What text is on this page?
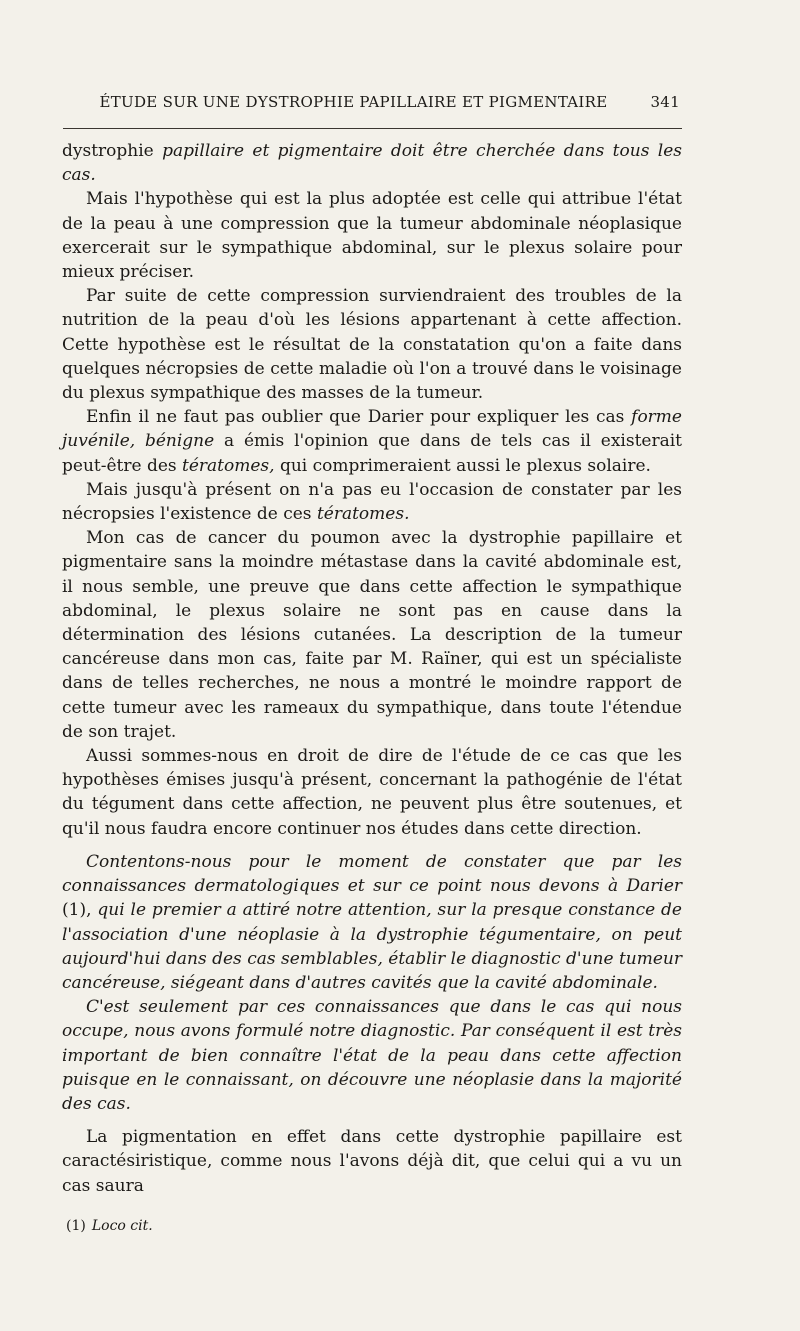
ÉTUDE SUR UNE DYSTROPHIE PAPILLAIRE ET PIGMENTAIRE	341

dystrophie papillaire et pigmentaire doit être cherchée dans tous les cas.

Mais l'hypothèse qui est la plus adoptée est celle qui attribue l'état de la peau à une compression que la tumeur abdominale néoplasique exercerait sur le sympathique abdominal, sur le plexus solaire pour mieux préciser.

Par suite de cette compression surviendraient des troubles de la nutrition de la peau d'où les lésions appartenant à cette affection. Cette hypothèse est le résultat de la constatation qu'on a faite dans quelques nécropsies de cette maladie où l'on a trouvé dans le voisinage du plexus sympathique des masses de la tumeur.

Enfin il ne faut pas oublier que Darier pour expliquer les cas forme juvénile, bénigne a émis l'opinion que dans de tels cas il existerait peut-être des tératomes, qui comprimeraient aussi le plexus solaire.

Mais jusqu'à présent on n'a pas eu l'occasion de constater par les nécropsies l'existence de ces tératomes.

Mon cas de cancer du poumon avec la dystrophie papillaire et pigmentaire sans la moindre métastase dans la cavité abdominale est, il nous semble, une preuve que dans cette affection le sympathique abdominal, le plexus solaire ne sont pas en cause dans la détermination des lésions cutanées. La description de la tumeur cancéreuse dans mon cas, faite par M. Raïner, qui est un spécialiste dans de telles recherches, ne nous a montré le moindre rapport de cette tumeur avec les rameaux du sympathique, dans toute l'étendue de son trajet.

Aussi sommes-nous en droit de dire de l'étude de ce cas que les hypothèses émises jusqu'à présent, concernant la pathogénie de l'état du tégument dans cette affection, ne peuvent plus être soutenues, et qu'il nous faudra encore continuer nos études dans cette direction.

Contentons-nous pour le moment de constater que par les connaissances dermatologiques et sur ce point nous devons à Darier (1), qui le premier a attiré notre attention, sur la presque constance de l'association d'une néoplasie à la dystrophie tégumentaire, on peut aujourd'hui dans des cas semblables, établir le diagnostic d'une tumeur cancéreuse, siégeant dans d'autres cavités que la cavité abdominale.

C'est seulement par ces connaissances que dans le cas qui nous occupe, nous avons formulé notre diagnostic. Par conséquent il est très important de bien connaître l'état de la peau dans cette affection puisque en le connaissant, on découvre une néoplasie dans la majorité des cas.

La pigmentation en effet dans cette dystrophie papillaire est caractésiristique, comme nous l'avons déjà dit, que celui qui a vu un cas saura

(1) Loco cit.
